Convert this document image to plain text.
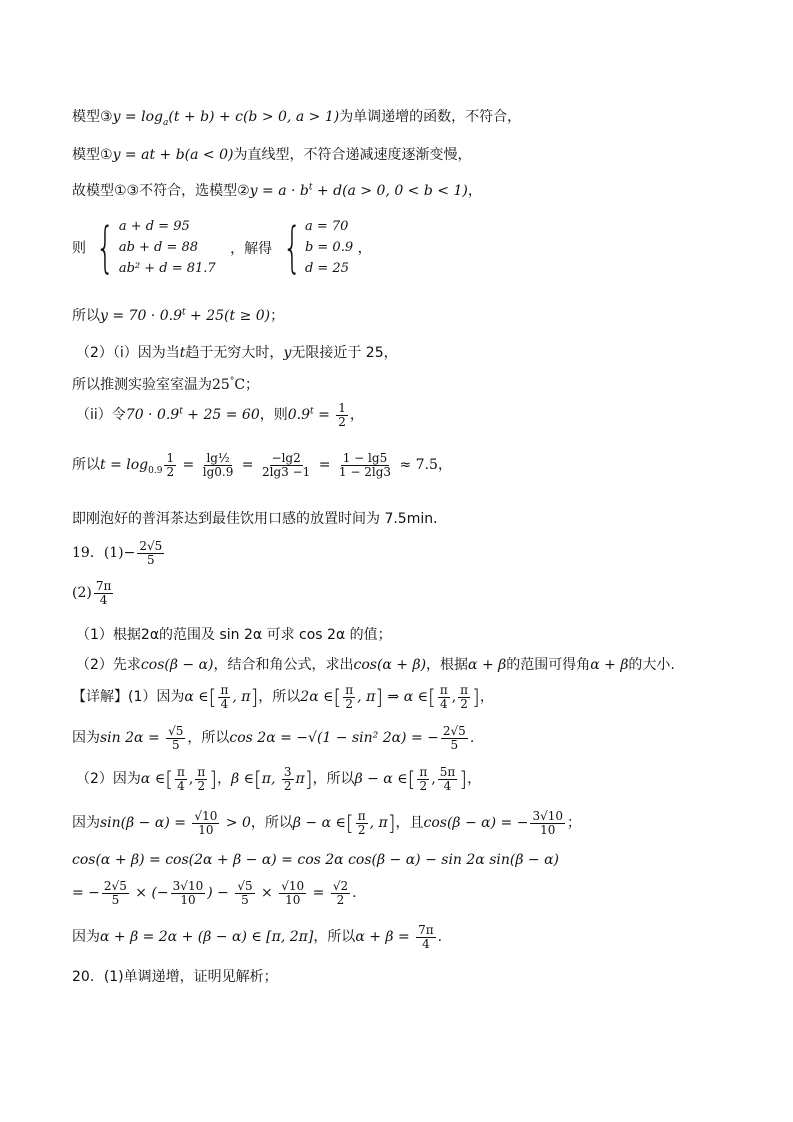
模型③y = $\log_a(t + b) + c(b > 0$, a > 1)为单调递增的函数，不符合，
模型①y = at + b(a < 0)为直线型，不符合递减速度逐渐变慢，
故模型①③不符合，选模型②y = $a \cdot b^t + d(a > 0$, 0 < b < 1)，
则 { a + d = 95
ab + d = 88
ab² + d = 81.7
，解得 { a = 70
b = 0.9
d = 25
，
所以$y = 70 \cdot 0.9^t + 25(t \ge 0)$；
（2）（i）因为当t趋于无穷大时，y无限接近于 25，
所以推测实验室室温为25°C；
（ii）令$70 \cdot 0.9^t + 25 = 60$，则$0.9^t = \frac{1}{2}$ ，
所以$t = \log_{0.9} \frac{1}{2} = \frac{\text{lg½}}{\lg 0.9} = \frac{-\lg 2}{2\lg 3 -1} = \frac{1 - \lg 5}{1 - 2\lg 3} \approx 7.5$，
即刚泡好的普洱茶达到最佳饮用口感的放置时间为 7.5min．
19．$(1)- \frac{2√5}{5}$
$(2) \frac{7\pi}{4}$
（1）根据2α的范围及 sin 2α 可求 cos 2α 的值；
（2）先求cos(β − α)，结合和角公式，求出cos(α + β)，根据α + β的范围可得角α + β的大小.
【详解】(1）因为α ∈[ $\frac{\pi}{4}$ , π]，所以2α ∈[ $\frac{\pi}{2}$ , π] ⇒ α ∈[ $\frac{\pi}{4}$ , $\frac{\pi}{2}$ ]，
因为$\sin 2\alpha = \frac{√5}{5}$ ，所以cos 2α = −√(1 − sin² 2α) = − $\frac{2√5}{5}$ .
（2）因为α ∈[ $\frac{\pi}{4}$ , $\frac{\pi}{2}$ ]，β ∈[π, $\frac{3}{2} \pi$]，所以β − α ∈[ $\frac{\pi}{2}$ , $\frac{5\pi}{4}$ ]，
因为$\sin(\beta - \alpha) = \frac{√10}{10} > 0$，所以β − α ∈[ $\frac{\pi}{2}$ , π]，且cos(β − α) = − $\frac{3√10}{10}$ ；
cos(α + β) = cos(2α + β − α) = cos 2α cos(β − α) − sin 2α sin(β − α)
= − $\frac{2√5}{5}$ × (− $\frac{3√10}{10}$ ) − $\frac{√5}{5} \times \frac{√10}{10} = \frac{√2}{2}$ .
因为α + β = 2α + (β − α) ∈ [π, 2π]，所以$\alpha + \beta = \frac{7\pi}{4}$ .
20．(1)单调递增，证明见解析；
